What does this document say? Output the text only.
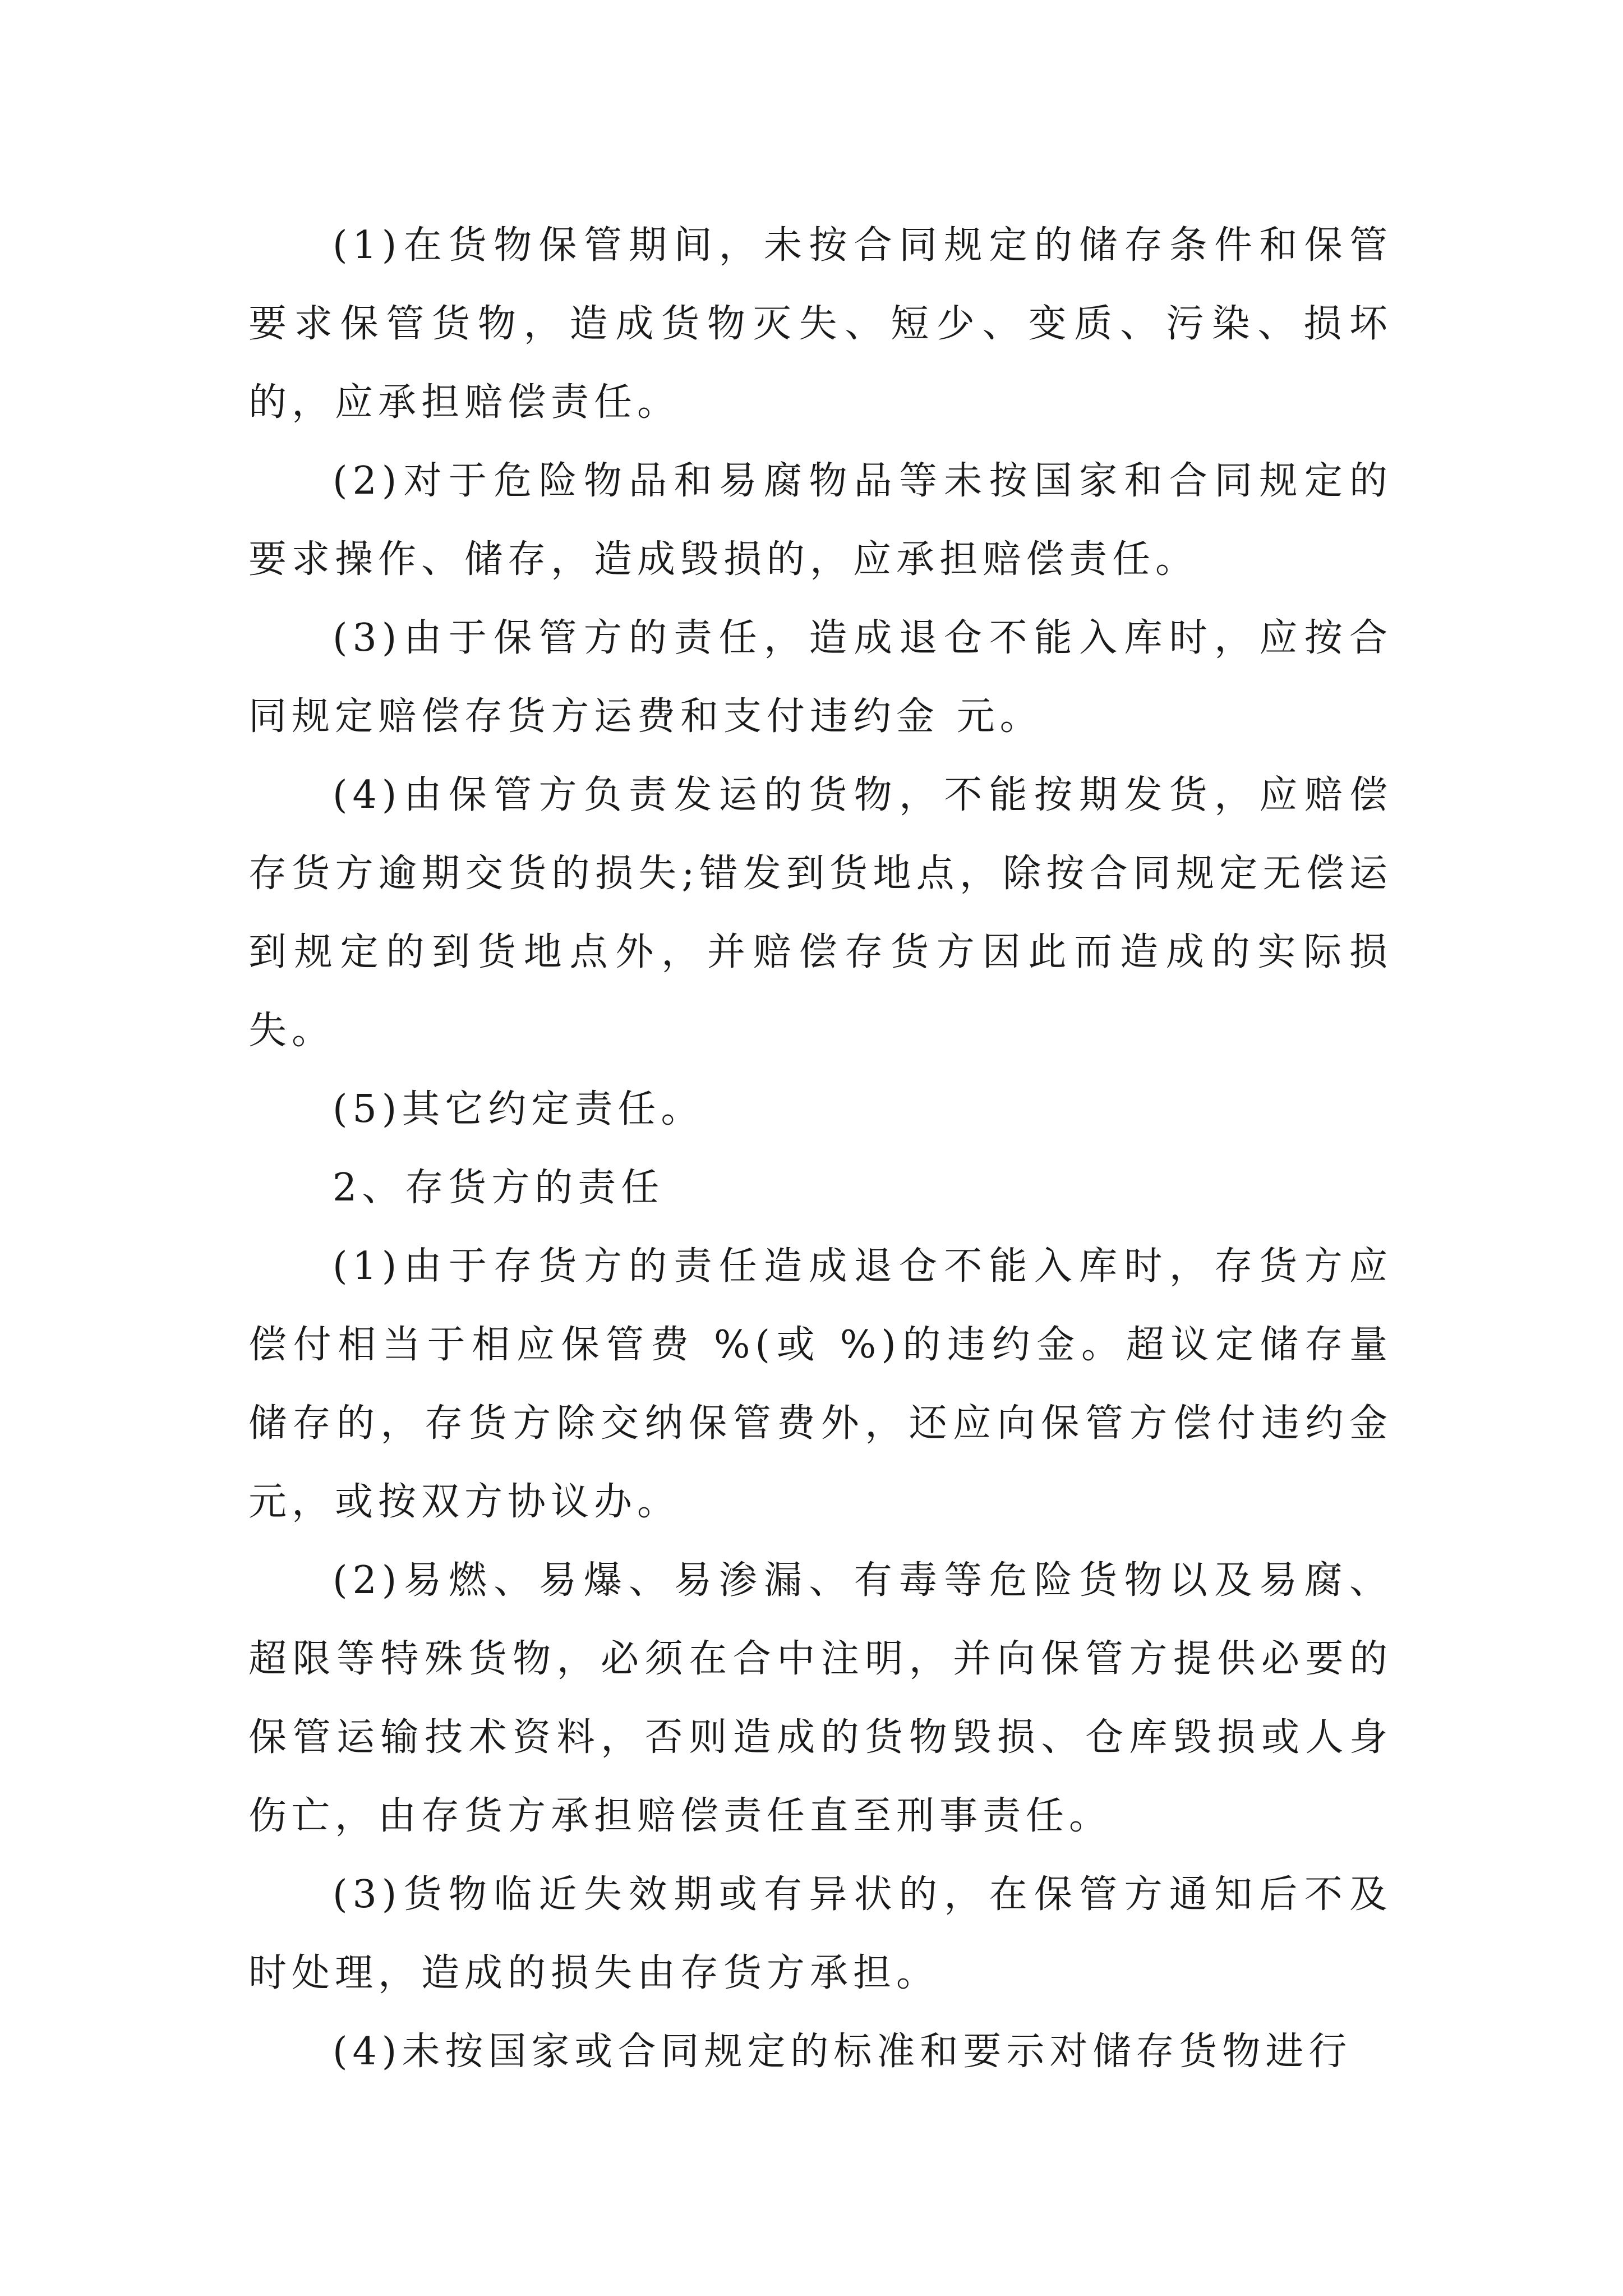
(1)在货物保管期间，未按合同规定的储存条件和保管要求保管货物，造成货物灭失、短少、变质、污染、损坏的，应承担赔偿责任。

(2)对于危险物品和易腐物品等未按国家和合同规定的要求操作、储存，造成毁损的，应承担赔偿责任。

(3)由于保管方的责任，造成退仓不能入库时，应按合同规定赔偿存货方运费和支付违约金 元。

(4)由保管方负责发运的货物，不能按期发货，应赔偿存货方逾期交货的损失;错发到货地点，除按合同规定无偿运到规定的到货地点外，并赔偿存货方因此而造成的实际损失。

(5)其它约定责任。

2、存货方的责任

(1)由于存货方的责任造成退仓不能入库时，存货方应偿付相当于相应保管费 %(或 %)的违约金。超议定储存量储存的，存货方除交纳保管费外，还应向保管方偿付违约金 元，或按双方协议办。

(2)易燃、易爆、易渗漏、有毒等危险货物以及易腐、超限等特殊货物，必须在合中注明，并向保管方提供必要的保管运输技术资料，否则造成的货物毁损、仓库毁损或人身伤亡，由存货方承担赔偿责任直至刑事责任。

(3)货物临近失效期或有异状的，在保管方通知后不及时处理，造成的损失由存货方承担。

(4)未按国家或合同规定的标准和要示对储存货物进行
